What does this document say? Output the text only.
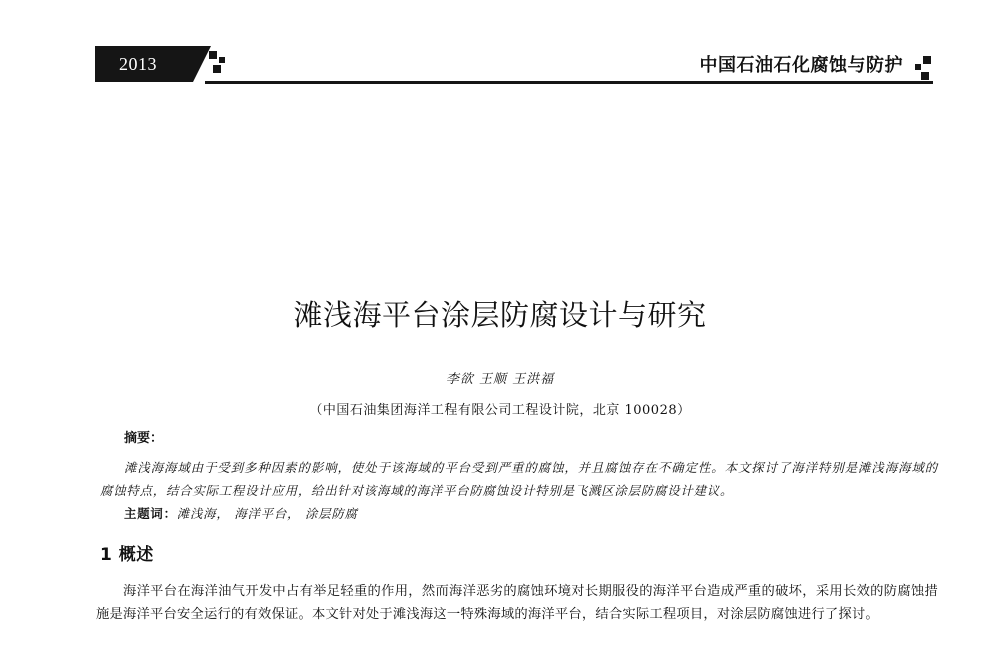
2013	中国石油石化腐蚀与防护
滩浅海平台涂层防腐设计与研究
李欲 王顺 王洪福
（中国石油集团海洋工程有限公司工程设计院，北京 100028）
摘要：

滩浅海海域由于受到多种因素的影响，使处于该海域的平台受到严重的腐蚀，并且腐蚀存在不确定性。本文探讨了海洋特别是滩浅海海域的腐蚀特点，结合实际工程设计应用，给出针对该海域的海洋平台防腐蚀设计特别是飞溅区涂层防腐设计建议。

主题词：滩浅海， 海洋平台， 涂层防腐
1 概述

海洋平台在海洋油气开发中占有举足轻重的作用，然而海洋恶劣的腐蚀环境对长期服役的海洋平台造成严重的破坏，采用长效的防腐蚀措施是海洋平台安全运行的有效保证。本文针对处于滩浅海这一特殊海域的海洋平台，结合实际工程项目，对涂层防腐蚀进行了探讨。
